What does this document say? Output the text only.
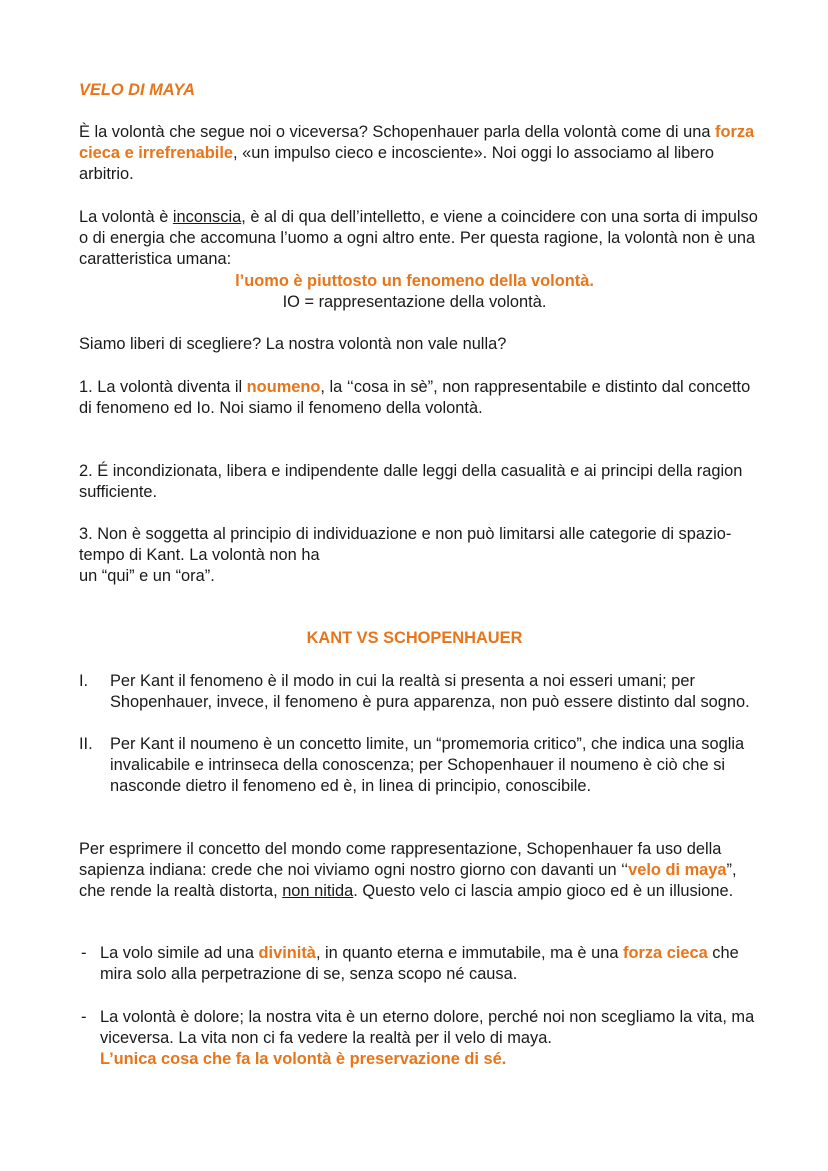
VELO DI MAYA

È la volontà che segue noi o viceversa? Schopenhauer parla della volontà come di una forza cieca e irrefrenabile, «un impulso cieco e incosciente». Noi oggi lo associamo al libero arbitrio.

La volontà è inconscia, è al di qua dell’intelletto, e viene a coincidere con una sorta di impulso o di energia che accomuna l’uomo a ogni altro ente. Per questa ragione, la volontà non è una caratteristica umana:

l’uomo è piuttosto un fenomeno della volontà.

IO = rappresentazione della volontà.

Siamo liberi di scegliere? La nostra volontà non vale nulla?

1. La volontà diventa il noumeno, la ‘‘cosa in sè”, non rappresentabile e distinto dal concetto di fenomeno ed Io. Noi siamo il fenomeno della volontà.

2. É incondizionata, libera e indipendente dalle leggi della casualità e ai principi della ragion sufficiente.

3. Non è soggetta al principio di individuazione e non può limitarsi alle categorie di spazio-tempo di Kant. La volontà non ha
un “qui” e un “ora”.

KANT VS SCHOPENHAUER

I. Per Kant il fenomeno è il modo in cui la realtà si presenta a noi esseri umani; per Shopenhauer, invece, il fenomeno è pura apparenza, non può essere distinto dal sogno.
II. Per Kant il noumeno è un concetto limite, un “promemoria critico”, che indica una soglia invalicabile e intrinseca della conoscenza; per Schopenhauer il noumeno è ciò che si nasconde dietro il fenomeno ed è, in linea di principio, conoscibile.

Per esprimere il concetto del mondo come rappresentazione, Schopenhauer fa uso della sapienza indiana: crede che noi viviamo ogni nostro giorno con davanti un ‘‘velo di maya”, che rende la realtà distorta, non nitida. Questo velo ci lascia ampio gioco ed è un illusione.

- La volo simile ad una divinità, in quanto eterna e immutabile, ma è una forza cieca che mira solo alla perpetrazione di se, senza scopo né causa.
- La volontà è dolore; la nostra vita è un eterno dolore, perché noi non scegliamo la vita, ma viceversa. La vita non ci fa vedere la realtà per il velo di maya.
L’unica cosa che fa la volontà è preservazione di sé.
